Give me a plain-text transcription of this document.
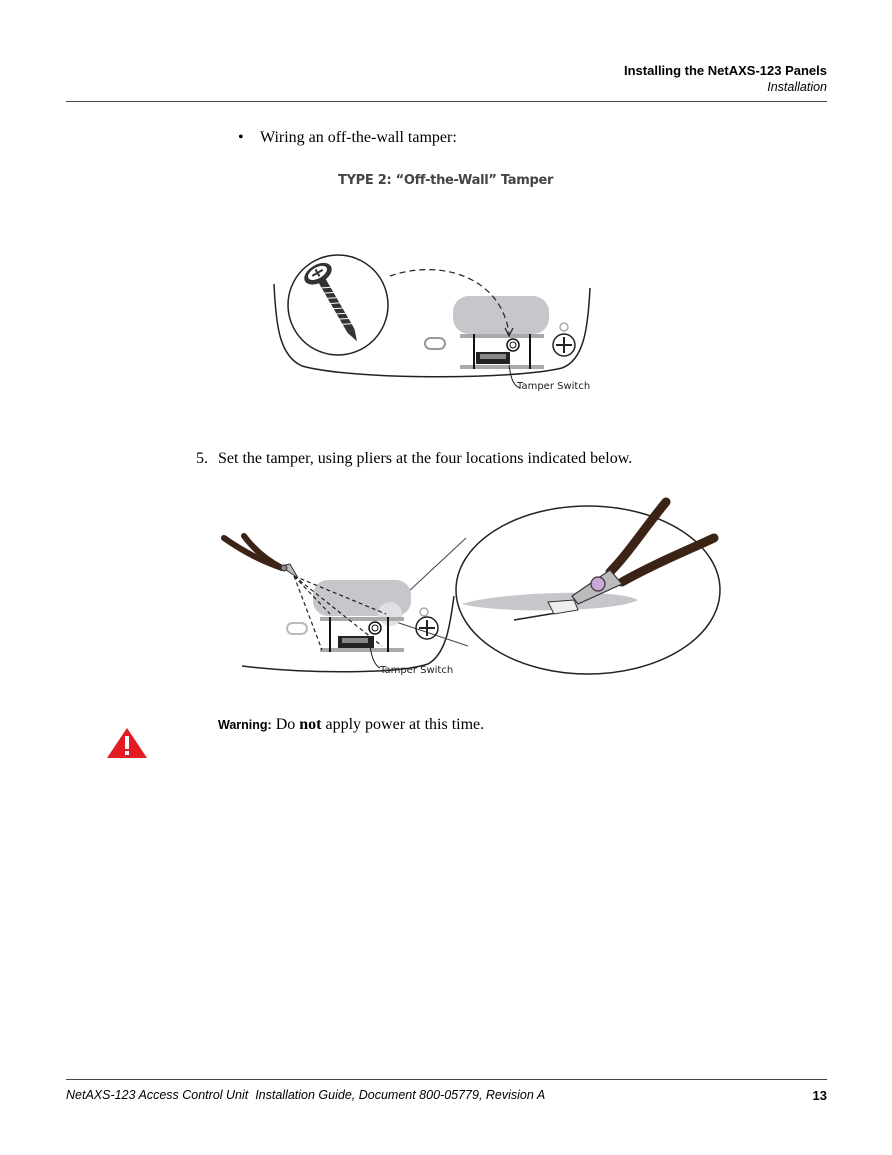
Installing the NetAXS-123 Panels
Installation
• Wiring an off-the-wall tamper:
TYPE 2: “Off-the-Wall” Tamper
Tamper Switch
5. Set the tamper, using pliers at the four locations indicated below.
Tamper Switch
Warning: Do not apply power at this time.
NetAXS-123 Access Control Unit  Installation Guide, Document 800-05779, Revision A	13
